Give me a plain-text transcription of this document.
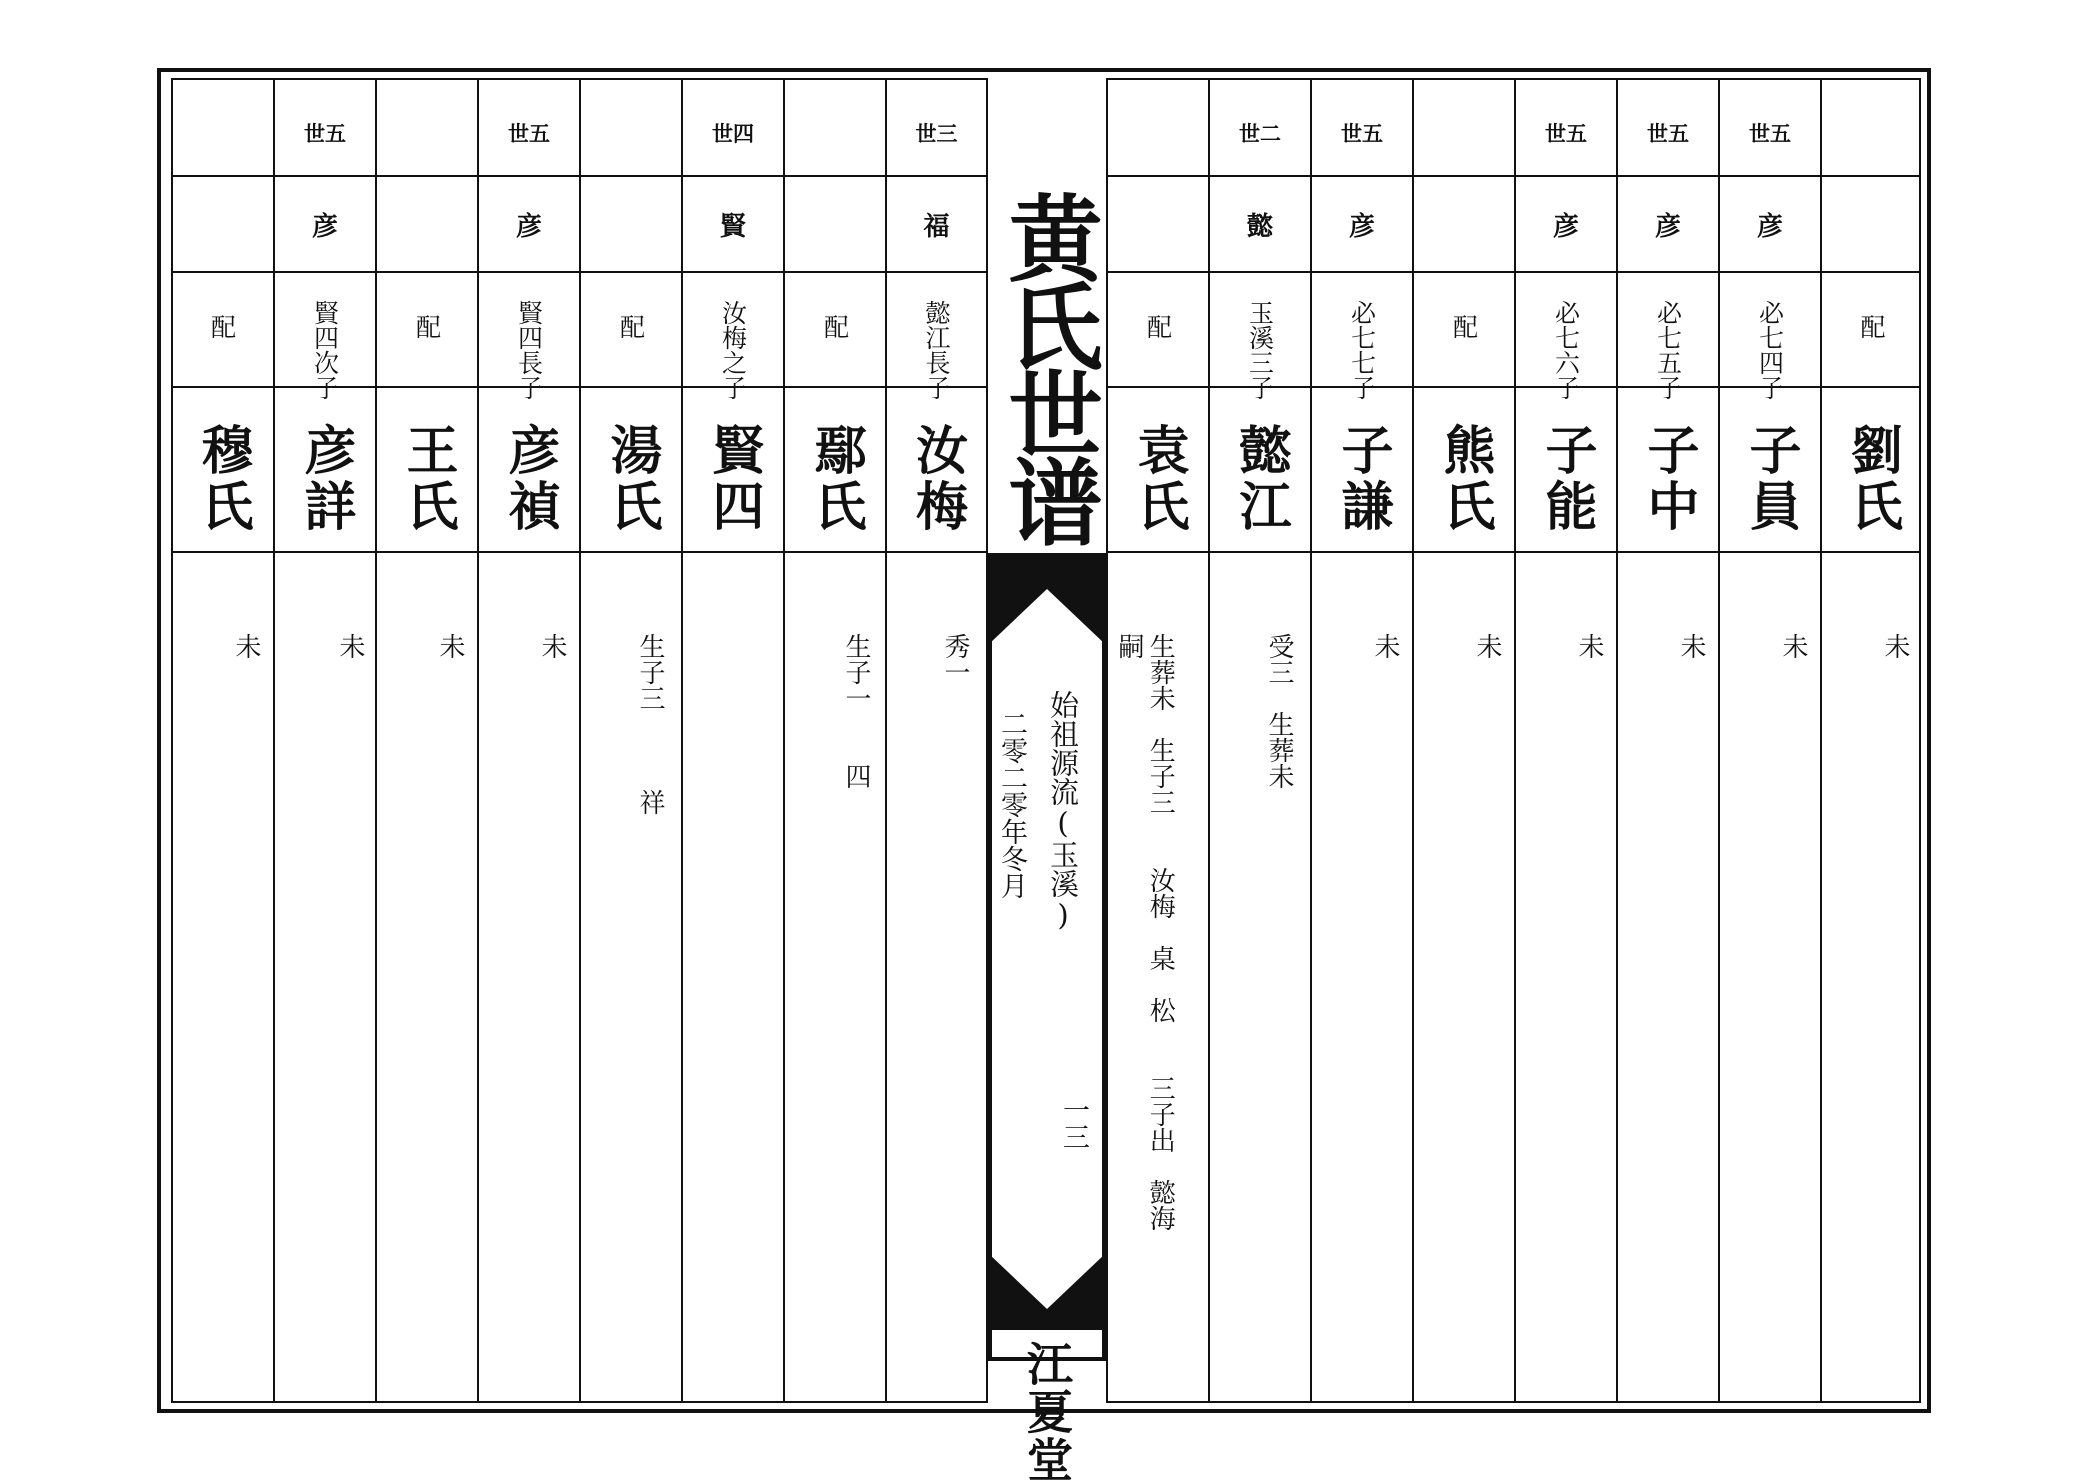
配
穆氏
未
世五
彦
賢四次子
彦詳
未
配
王氏
未
世五
彦
賢四長子
彦禎
未
配
湯氏
生子三　　　祥
世四
賢
汝梅之子
賢四
配
鄢氏
生子一　　四
世三
福
懿江長子
汝梅
秀一
黄氏世谱
始祖源流(玉溪)
二零二零年冬月
一三
江夏堂
配
袁氏
嗣 生葬未　生子三　　汝梅　桌　松　　三子出　懿海
世二
懿
玉溪三子
懿江
受三　生葬未
世五
彦
必七七子
子謙
未
配
熊氏
未
世五
彦
必七六子
子能
未
世五
彦
必七五子
子中
未
世五
彦
必七四子
子員
未
配
劉氏
未
